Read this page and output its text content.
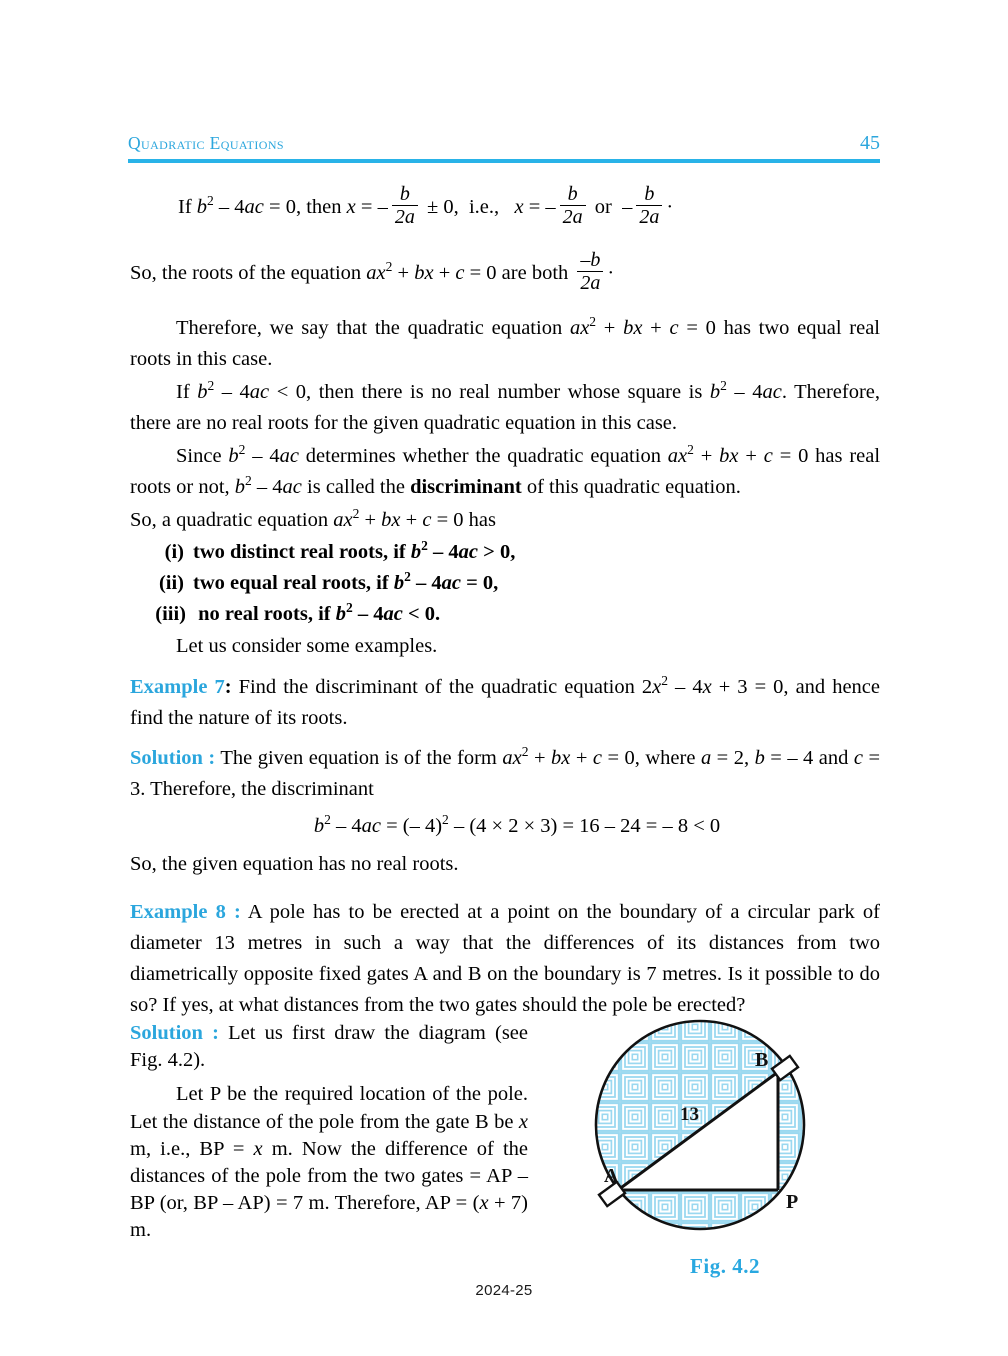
Quadratic Equations	45
If $b^2 - 4ac = 0$, then x = – $\frac{b}{2a} \pm 0$,  i.e.,   x = – $\frac{b}{2a}$ or – $\frac{b}{2a}$ ·
So, the roots of the equation $ax^2$ + bx + c = 0 are both $\frac{-b}{2a}$ ·

Therefore, we say that the quadratic equation $ax^2$ + bx + c = 0 has two equal real roots in this case.

If $b^2 - 4ac < 0$, then there is no real number whose square is $b^2 - 4ac$. Therefore, there are no real roots for the given quadratic equation in this case.

Since $b^2 - 4ac$ determines whether the quadratic equation $ax^2$ + bx + c = 0 has real roots or not, $b^2 - 4ac$ is called the discriminant of this quadratic equation.

So, a quadratic equation $ax^2$ + bx + c = 0 has

(i) two distinct real roots, if $b^2 - 4ac > 0$,
(ii) two equal real roots, if $b^2 - 4ac = 0$,
(iii) no real roots, if $b^2 - 4ac < 0$.

Let us consider some examples.

Example 7: Find the discriminant of the quadratic equation $2x^2 - 4x + 3 = 0$, and hence find the nature of its roots.

Solution : The given equation is of the form $ax^2$ + bx + c = 0, where a = 2, b = – 4 and c = 3. Therefore, the discriminant

$b^2 - 4ac$ = (– 4)$^2$ – (4 × 2 × 3) = 16 – 24 = – 8 < 0

So, the given equation has no real roots.

Example 8 : A pole has to be erected at a point on the boundary of a circular park of diameter 13 metres in such a way that the differences of its distances from two diametrically opposite fixed gates A and B on the boundary is 7 metres. Is it possible to do so? If yes, at what distances from the two gates should the pole be erected?

Solution : Let us first draw the diagram (see Fig. 4.2).

Let P be the required location of the pole. Let the distance of the pole from the gate B be x m, i.e., BP = x m. Now the difference of the distances of the pole from the two gates = AP – BP (or, BP – AP) = 7 m. Therefore, AP = (x + 7) m.

13
B
A
P
Fig. 4.2
2024-25
